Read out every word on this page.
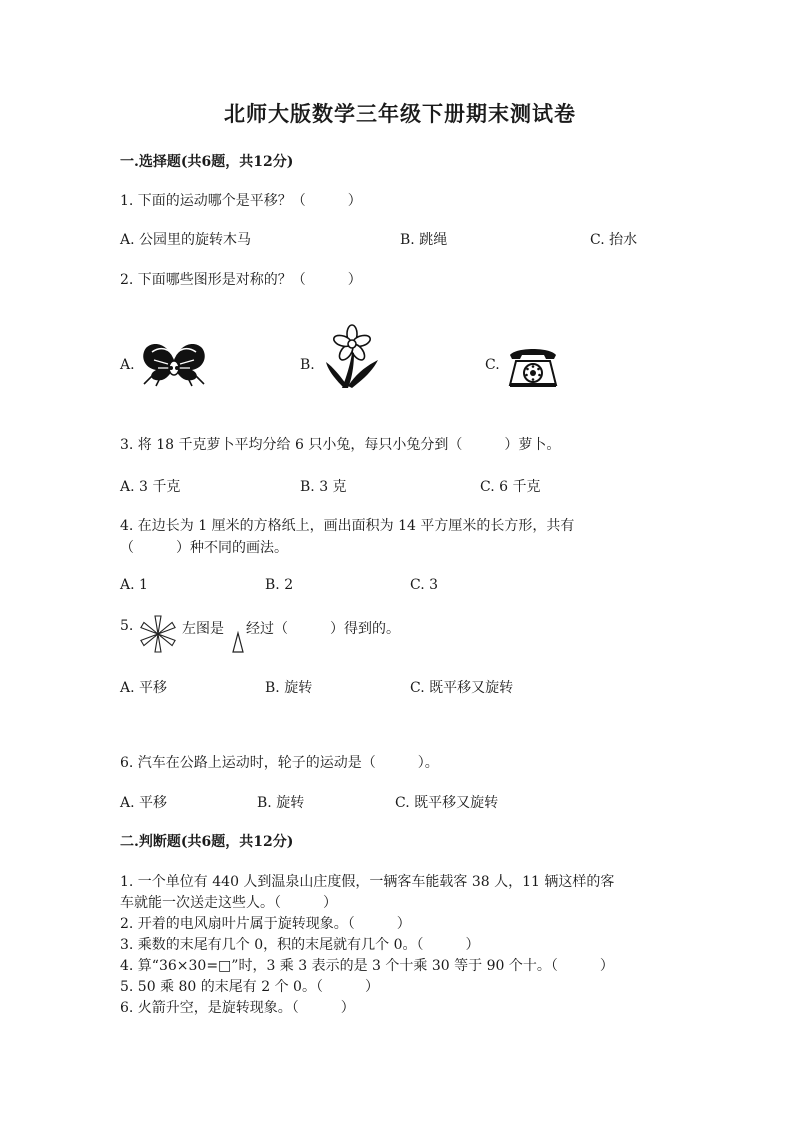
北师大版数学三年级下册期末测试卷
一.选择题(共6题，共12分)
1. 下面的运动哪个是平移？（　　　）
A. 公园里的旋转木马	B. 跳绳	C. 抬水
2. 下面哪些图形是对称的？（　　　）
A.	B.	C.
3. 将 18 千克萝卜平均分给 6 只小兔，每只小兔分到（　　　）萝卜。
A. 3 千克	B. 3 克	C. 6 千克
4. 在边长为 1 厘米的方格纸上，画出面积为 14 平方厘米的长方形，共有
（　　　）种不同的画法。
A. 1	B. 2	C. 3
5.	左图是 经过（　　　）得到的。
A. 平移	B. 旋转	C. 既平移又旋转
6. 汽车在公路上运动时，轮子的运动是（　　　）。
A. 平移	B. 旋转	C. 既平移又旋转
二.判断题(共6题，共12分)
1. 一个单位有 440 人到温泉山庄度假，一辆客车能载客 38 人，11 辆这样的客
车就能一次送走这些人。（　　　）
2. 开着的电风扇叶片属于旋转现象。（　　　）
3. 乘数的末尾有几个 0，积的末尾就有几个 0。（　　　）
4. 算“36×30=□”时，3 乘 3 表示的是 3 个十乘 30 等于 90 个十。（　　　）
5. 50 乘 80 的末尾有 2 个 0。（　　　）
6. 火箭升空，是旋转现象。（　　　）
